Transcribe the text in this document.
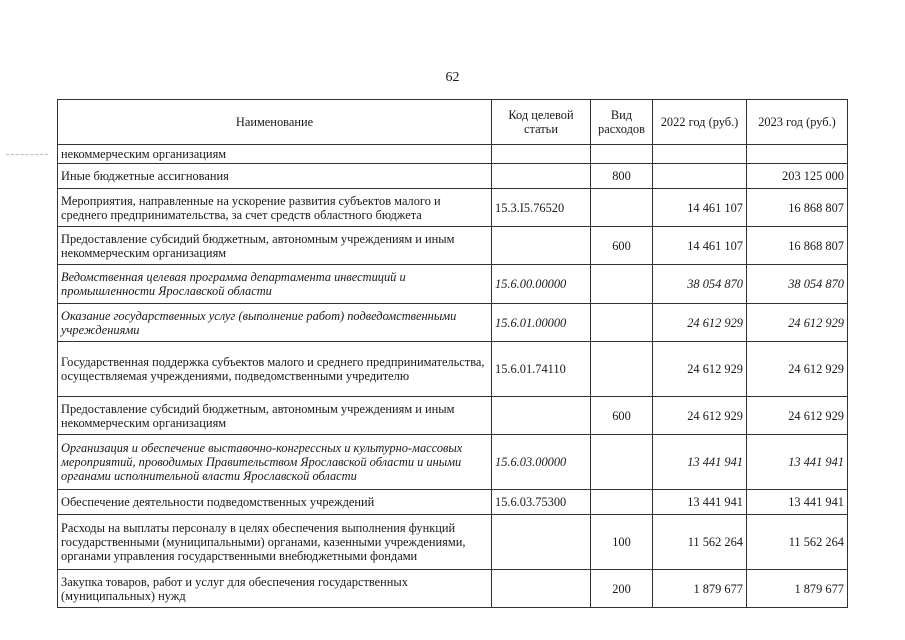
62
Наименование	Код целевой статьи	Вид расходов	2022 год (руб.)	2023 год (руб.)
некоммерческим организациям				
Иные бюджетные ассигнования		800		203 125 000
Мероприятия, направленные на ускорение развития субъектов малого и среднего предпринимательства, за счет средств областного бюджета	15.3.I5.76520		14 461 107	16 868 807
Предоставление субсидий бюджетным, автономным учреждениям и иным некоммерческим организациям		600	14 461 107	16 868 807
Ведомственная целевая программа департамента инвестиций и промышленности Ярославской области	15.6.00.00000		38 054 870	38 054 870
Оказание государственных услуг (выполнение работ) подведомственными учреждениями	15.6.01.00000		24 612 929	24 612 929
Государственная поддержка субъектов малого и среднего предпринимательства, осуществляемая учреждениями, подведомственными учредителю	15.6.01.74110		24 612 929	24 612 929
Предоставление субсидий бюджетным, автономным учреждениям и иным некоммерческим организациям		600	24 612 929	24 612 929
Организация и обеспечение выставочно-конгрессных и культурно-массовых мероприятий, проводимых Правительством Ярославской области и иными органами исполнительной власти Ярославской области	15.6.03.00000		13 441 941	13 441 941
Обеспечение деятельности подведомственных учреждений	15.6.03.75300		13 441 941	13 441 941
Расходы на выплаты персоналу в целях обеспечения выполнения функций государственными (муниципальными) органами, казенными учреждениями, органами управления государственными внебюджетными фондами		100	11 562 264	11 562 264
Закупка товаров, работ и услуг для обеспечения государственных (муниципальных) нужд		200	1 879 677	1 879 677
